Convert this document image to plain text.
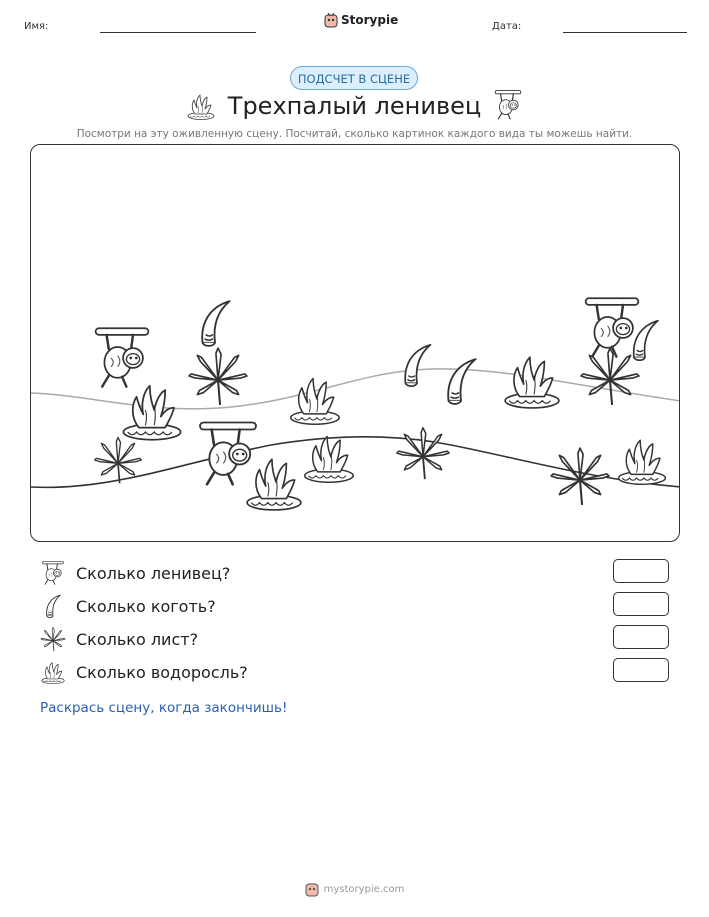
Имя:	Storypie	Дата:
ПОДСЧЕТ В СЦЕНЕ
Трехпалый ленивец
Посмотри на эту оживленную сцену. Посчитай, сколько картинок каждого вида ты можешь найти.
Сколько ленивец?
Сколько коготь?
Сколько лист?
Сколько водоросль?
Раскрась сцену, когда закончишь!
mystorypie.com
